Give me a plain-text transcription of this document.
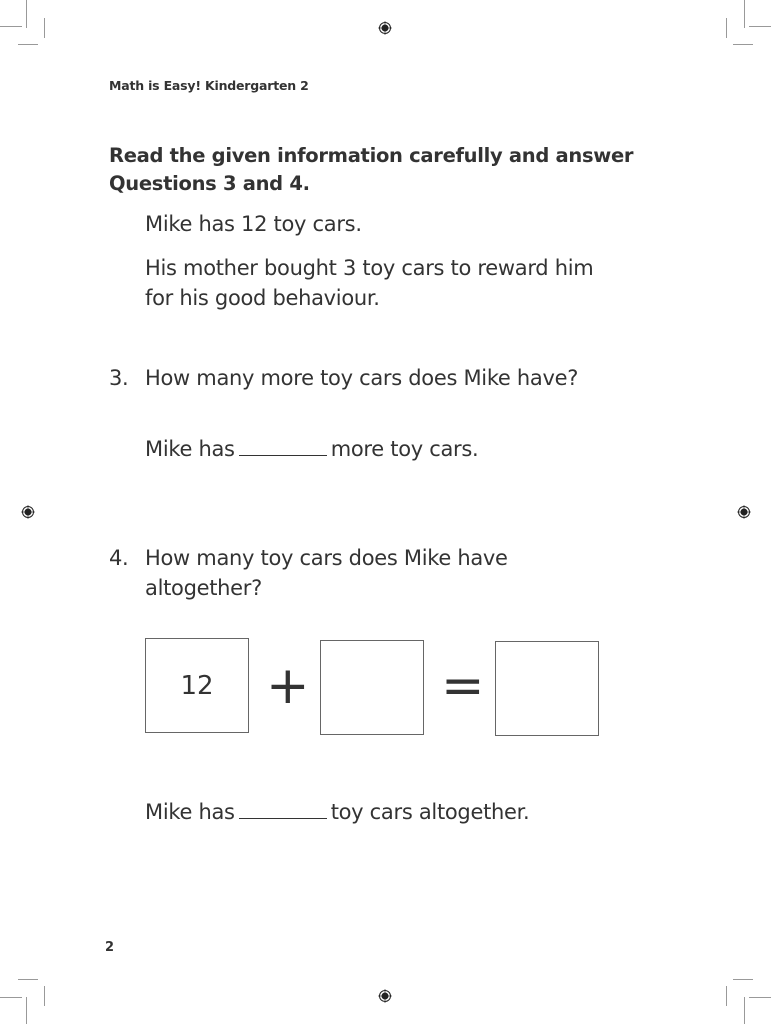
Math is Easy! Kindergarten 2
Read the given information carefully and answer
Questions 3 and 4.
Mike has 12 toy cars.
His mother bought 3 toy cars to reward him
for his good behaviour.
3. How many more toy cars does Mike have?
Mike has	more toy cars.
4. How many toy cars does Mike have
altogether?
12	+	=
Mike has	toy cars altogether.
2
